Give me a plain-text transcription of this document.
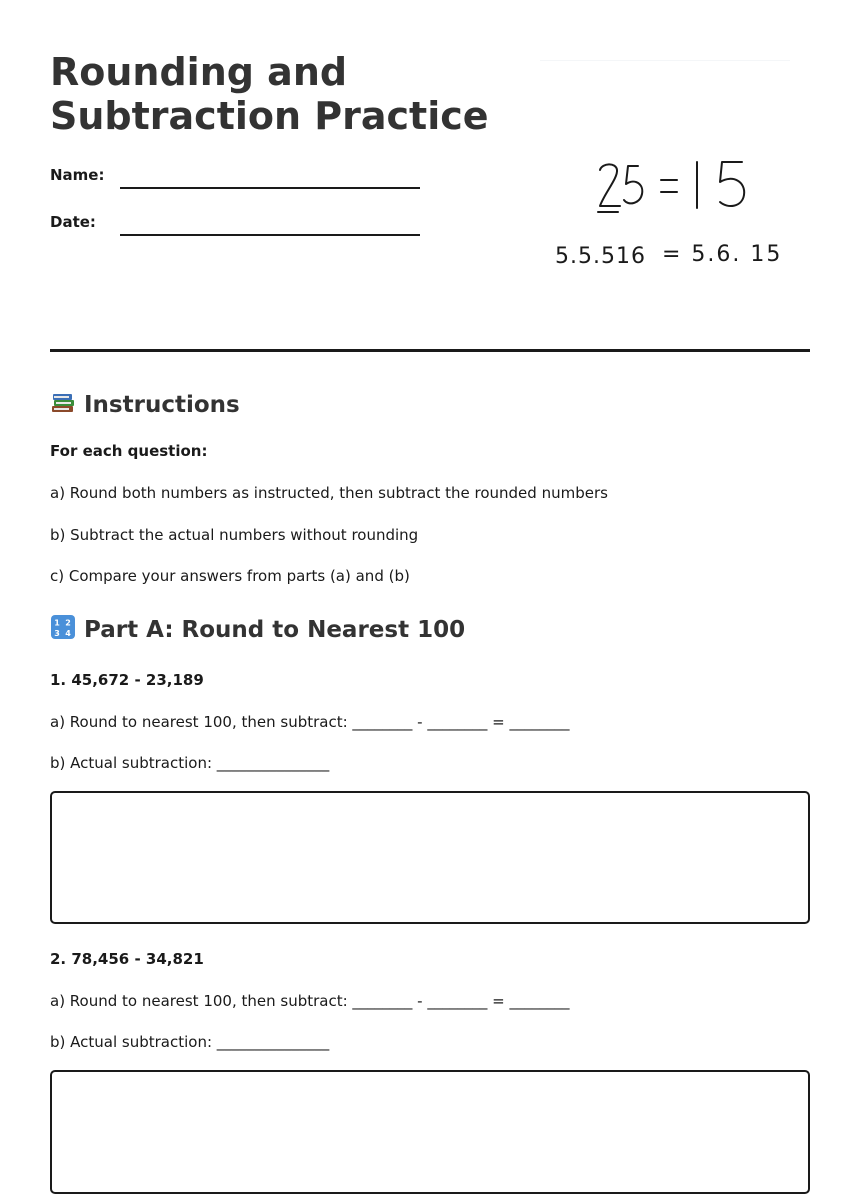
Rounding and Subtraction Practice
Name:
Date:
5.5.516 = 5.6. 15
Instructions
For each question:
a) Round both numbers as instructed, then subtract the rounded numbers
b) Subtract the actual numbers without rounding
c) Compare your answers from parts (a) and (b)
1 2
3 4 Part A: Round to Nearest 100
1. 45,672 - 23,189
a) Round to nearest 100, then subtract: ________ - ________ = ________
b) Actual subtraction: _______________
2. 78,456 - 34,821
a) Round to nearest 100, then subtract: ________ - ________ = ________
b) Actual subtraction: _______________
